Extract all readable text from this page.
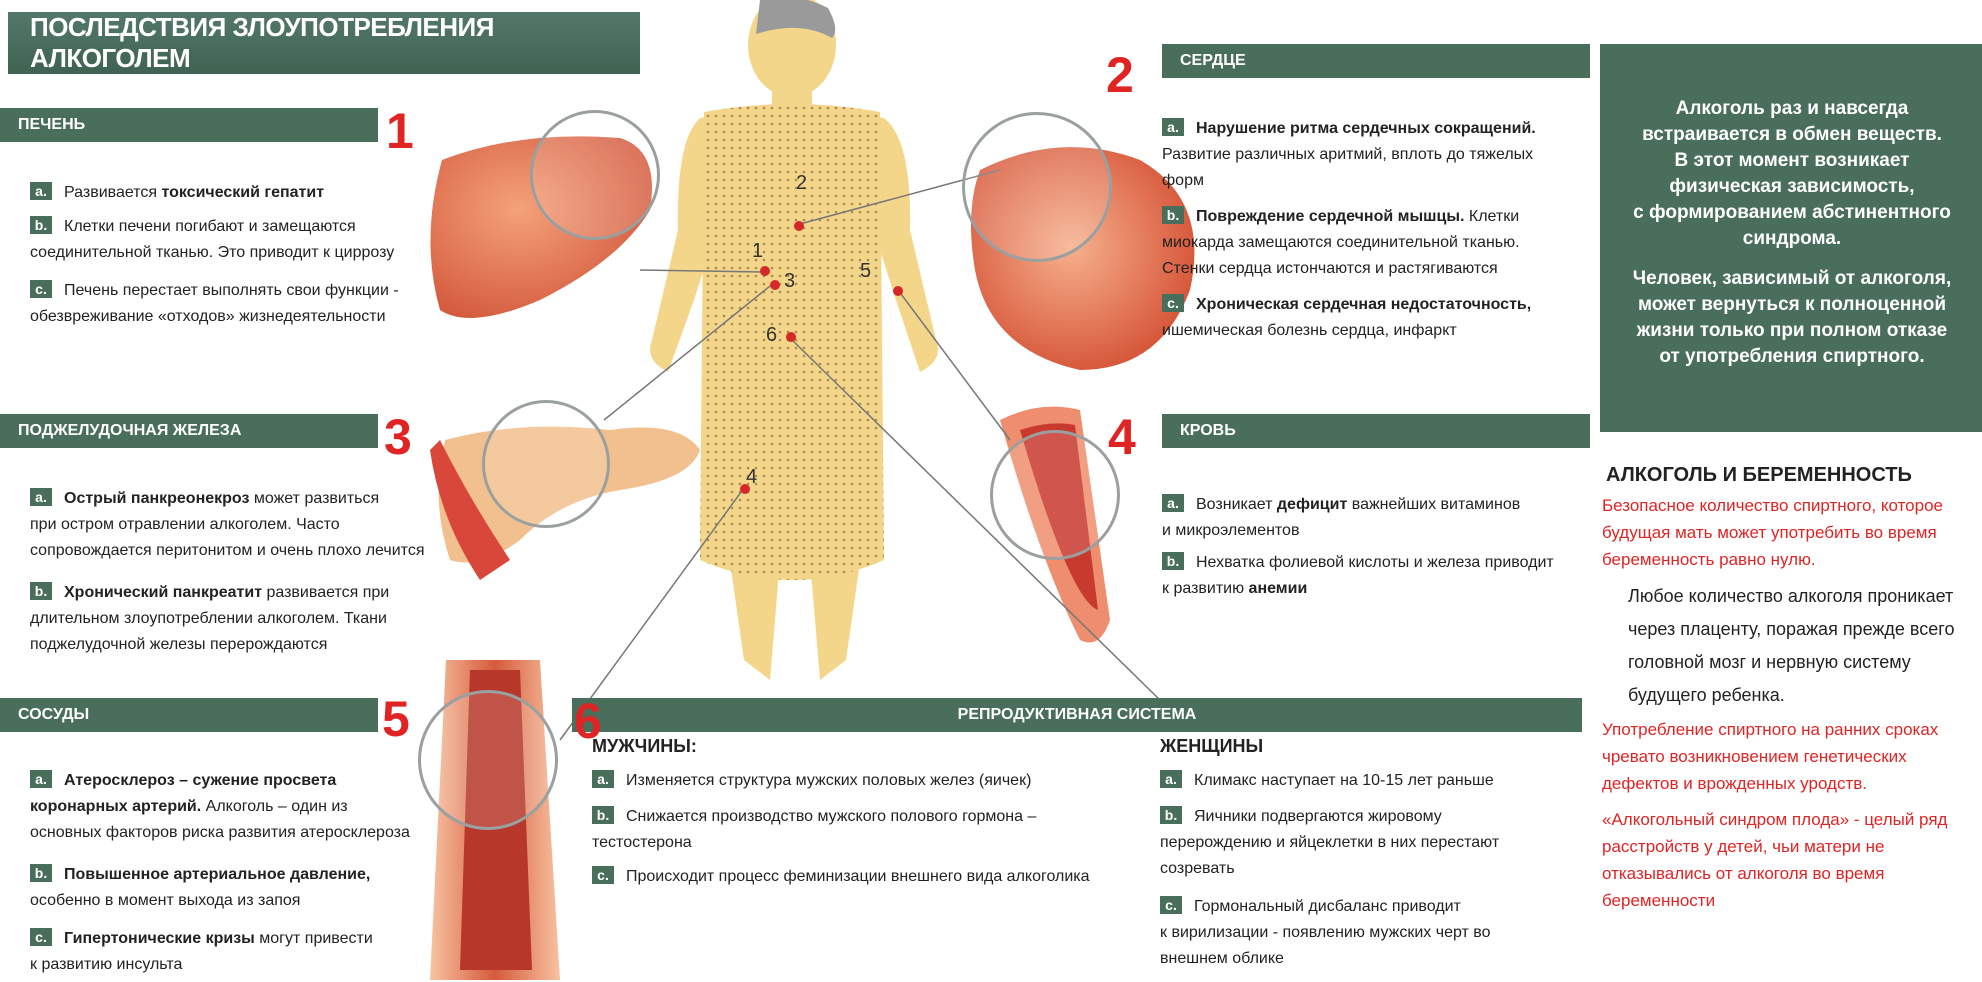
ПОСЛЕДСТВИЯ ЗЛОУПОТРЕБЛЕНИЯ АЛКОГОЛЕМ
1
2
3
4
5
6
ПЕЧЕНЬ	1
a. Развивается токсический гепатит
b. Клетки печени погибают и замещаются
соединительной тканью. Это приводит к циррозу
c. Печень перестает выполнять свои функции -
обезвреживание «отходов» жизнедеятельности
ПОДЖЕЛУДОЧНАЯ ЖЕЛЕЗА	3
a. Острый панкреонекроз может развиться
при остром отравлении алкоголем. Часто
сопровождается перитонитом и очень плохо лечится
b. Хронический панкреатит развивается при
длительном злоупотреблении алкоголем. Ткани
поджелудочной железы перерождаются
СОСУДЫ	5
a. Атеросклероз – сужение просвета
коронарных артерий. Алкоголь – один из
основных факторов риска развития атеросклероза
b. Повышенное артериальное давление,
особенно в момент выхода из запоя
c. Гипертонические кризы могут привести
к развитию инсульта
2	СЕРДЦЕ
a. Нарушение ритма сердечных сокращений.
Развитие различных аритмий, вплоть до тяжелых
форм
b. Повреждение сердечной мышцы. Клетки
миокарда замещаются соединительной тканью.
Стенки сердца истончаются и растягиваются
c. Хроническая сердечная недостаточность,
ишемическая болезнь сердца, инфаркт
4	КРОВЬ
a. Возникает дефицит важнейших витаминов
и микроэлементов
b. Нехватка фолиевой кислоты и железа приводит
к развитию анемии
РЕПРОДУКТИВНАЯ СИСТЕМА
6
МУЖЧИНЫ:
a. Изменяется структура мужских половых желез (яичек)
b. Снижается производство мужского полового гормона –
тестостерона
c. Происходит процесс феминизации внешнего вида алкоголика
ЖЕНЩИНЫ
a. Климакс наступает на 10-15 лет раньше
b. Яичники подвергаются жировому
перерождению и яйцеклетки в них перестают
созревать
c. Гормональный дисбаланс приводит
к вирилизации - появлению мужских черт во
внешнем облике

Алкоголь раз и навсегда
встраивается в обмен веществ.
В этот момент возникает
физическая зависимость,
с формированием абстинентного
синдрома.

Человек, зависимый от алкоголя,
может вернуться к полноценной
жизни только при полном отказе
от употребления спиртного.

АЛКОГОЛЬ И БЕРЕМЕННОСТЬ
Безопасное количество спиртного, которое
будущая мать может употребить во время
беременность равно нулю.
Любое количество алкоголя проникает
через плаценту, поражая прежде всего
головной мозг и нервную систему
будущего ребенка.
Употребление спиртного на ранних сроках
чревато возникновением генетических
дефектов и врожденных уродств.
«Алкогольный синдром плода» - целый ряд
расстройств у детей, чьи матери не
отказывались от алкоголя во время
беременности
